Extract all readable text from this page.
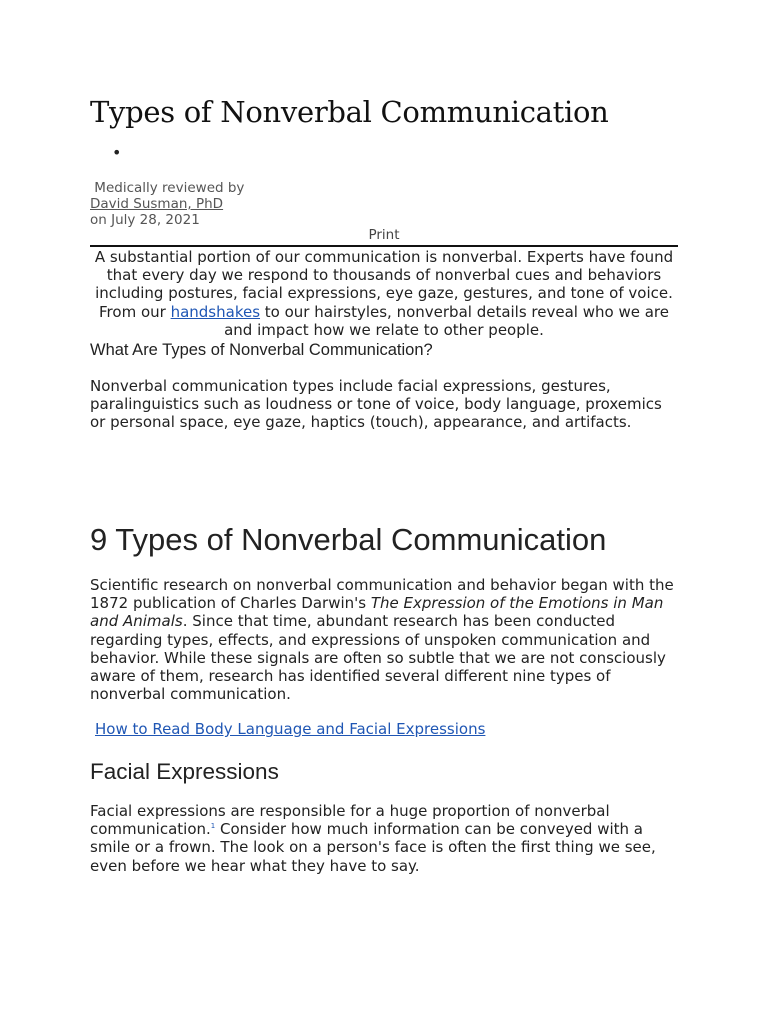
Types of Nonverbal Communication
•
Medically reviewed by
David Susman, PhD
on July 28, 2021
Print

A substantial portion of our communication is nonverbal. Experts have found that every day we respond to thousands of nonverbal cues and behaviors including postures, facial expressions, eye gaze, gestures, and tone of voice. From our handshakes to our hairstyles, nonverbal details reveal who we are and impact how we relate to other people.

What Are Types of Nonverbal Communication?

Nonverbal communication types include facial expressions, gestures, paralinguistics such as loudness or tone of voice, body language, proxemics or personal space, eye gaze, haptics (touch), appearance, and artifacts.

9 Types of Nonverbal Communication

Scientific research on nonverbal communication and behavior began with the 1872 publication of Charles Darwin's The Expression of the Emotions in Man and Animals. Since that time, abundant research has been conducted regarding types, effects, and expressions of unspoken communication and behavior. While these signals are often so subtle that we are not consciously aware of them, research has identified several different nine types of nonverbal communication.

How to Read Body Language and Facial Expressions
Facial Expressions

Facial expressions are responsible for a huge proportion of nonverbal communication.$^1$ Consider how much information can be conveyed with a smile or a frown. The look on a person's face is often the first thing we see, even before we hear what they have to say.
